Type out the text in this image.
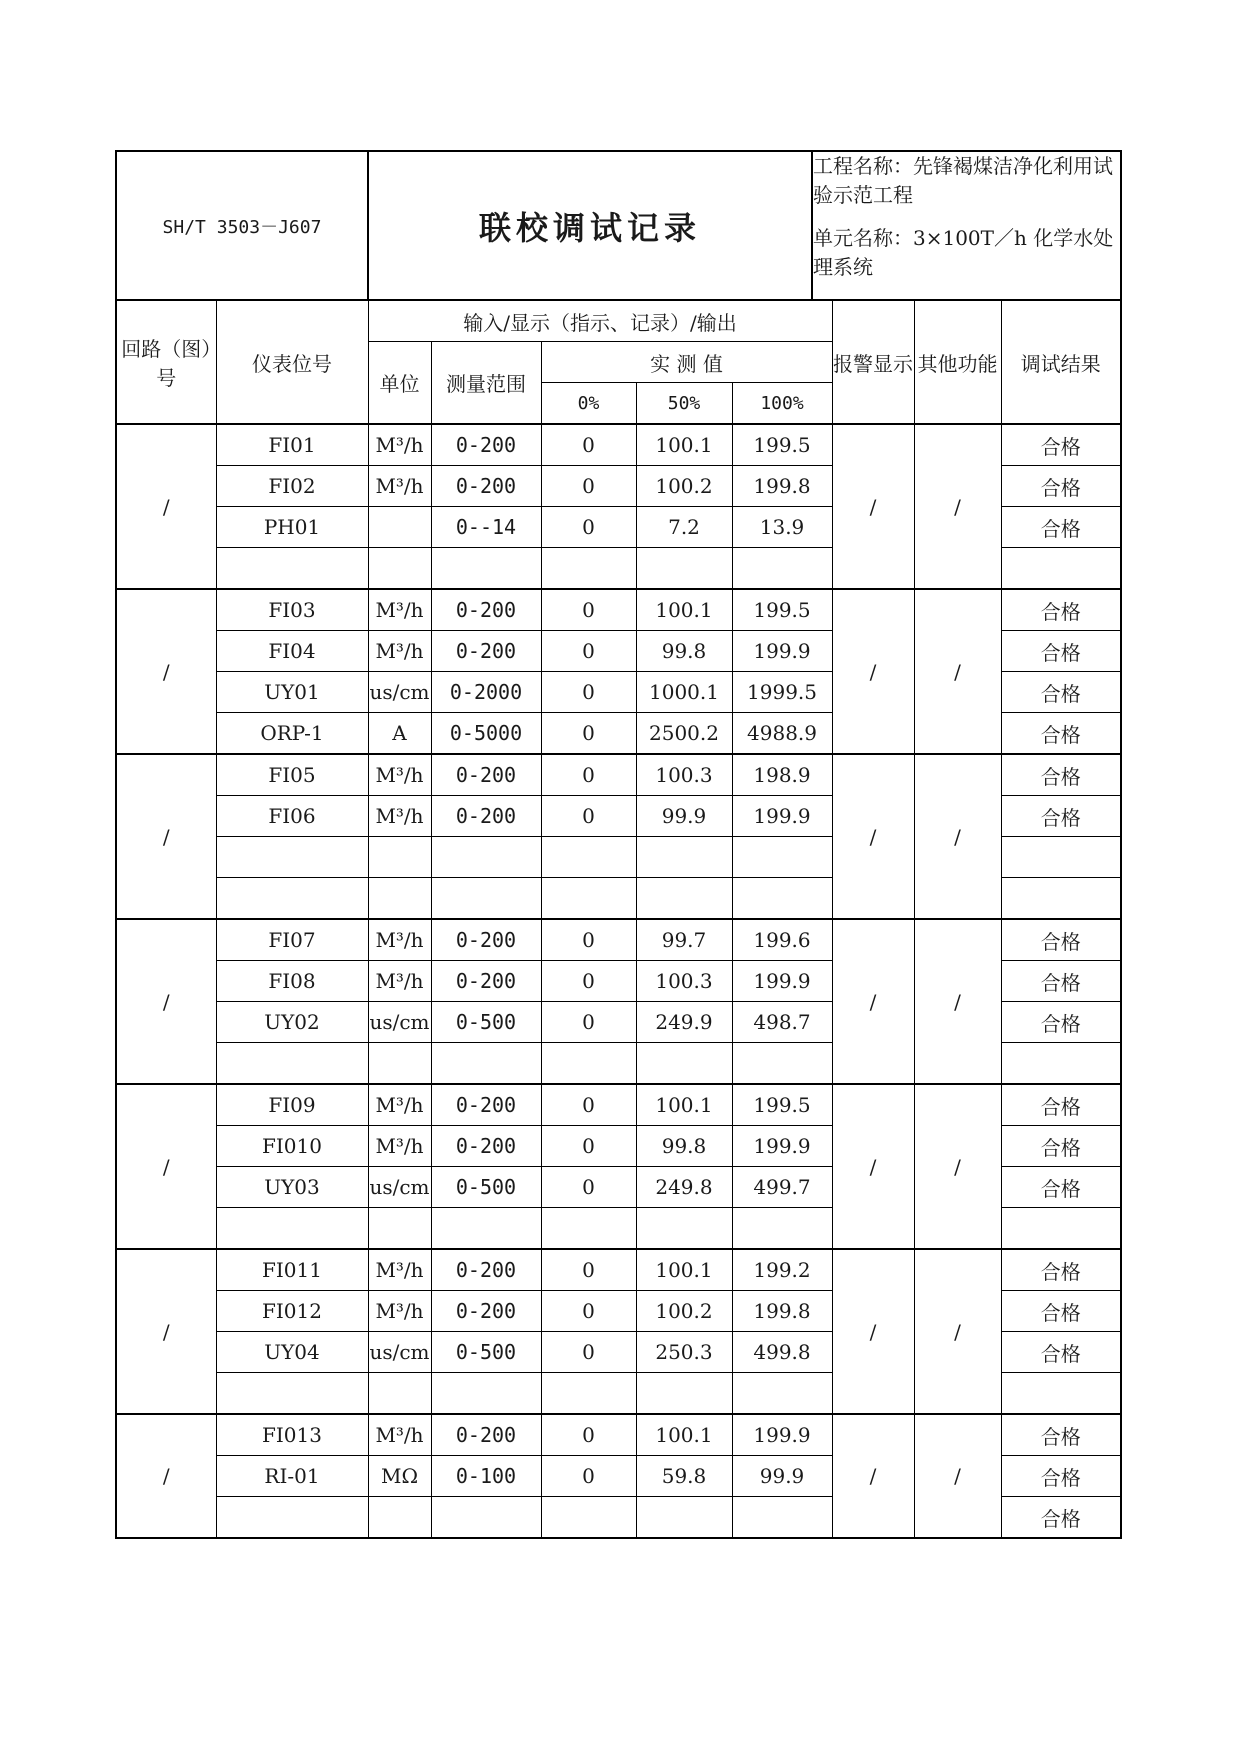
SH/T 3503－J607	联校调试记录	

工程名称：先锋褐煤洁净化利用试验示范工程

单元名称：3×100T／h 化学水处理系统

回路（图）号	仪表位号	输入/显示（指示、记录）/输出					报警显示	其他功能	调试结果
		单位	测量范围	实 测 值					
				0%	50%	100%			
/	FI01	M³/h	0-200	0	100.1	199.5	/	/	合格
	FI02	M³/h	0-200	0	100.2	199.8			合格
	PH01		0--14	0	7.2	13.9			合格

/	FI03	M³/h	0-200	0	100.1	199.5	/	/	合格
	FI04	M³/h	0-200	0	99.8	199.9			合格
	UY01	us/cm	0-2000	0	1000.1	1999.5			合格
	ORP-1	A	0-5000	0	2500.2	4988.9			合格
/	FI05	M³/h	0-200	0	100.3	198.9	/	/	合格
	FI06	M³/h	0-200	0	99.9	199.9			合格

/	FI07	M³/h	0-200	0	99.7	199.6	/	/	合格
	FI08	M³/h	0-200	0	100.3	199.9			合格
	UY02	us/cm	0-500	0	249.9	498.7			合格

/	FI09	M³/h	0-200	0	100.1	199.5	/	/	合格
	FI010	M³/h	0-200	0	99.8	199.9			合格
	UY03	us/cm	0-500	0	249.8	499.7			合格

/	FI011	M³/h	0-200	0	100.1	199.2	/	/	合格
	FI012	M³/h	0-200	0	100.2	199.8			合格
	UY04	us/cm	0-500	0	250.3	499.8			合格

/	FI013	M³/h	0-200	0	100.1	199.9	/	/	合格
	RI-01	MΩ	0-100	0	59.8	99.9			合格
									合格
